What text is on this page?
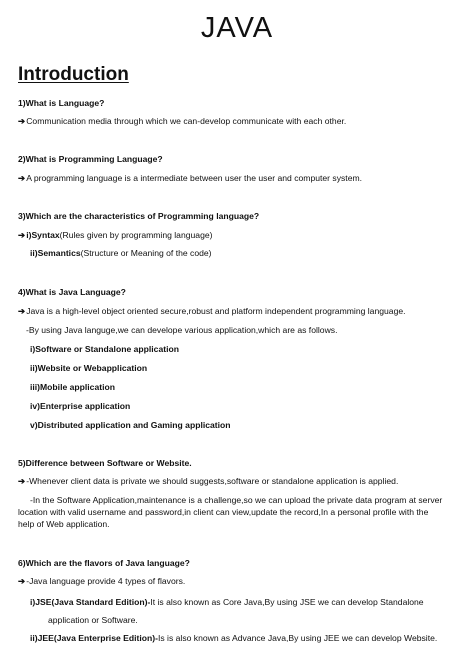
JAVA
Introduction
1)What is Language?
➔Communication media through which we can-develop communicate with each other.
2)What is Programming Language?
➔A programming language is a intermediate between user the user and computer system.
3)Which are the characteristics of Programming language?
➔i)Syntax(Rules given by programming language)
ii)Semantics(Structure or Meaning of the code)
4)What is Java Language?
➔Java is a high-level object oriented secure,robust and platform independent programming language.
-By using Java languge,we can develope various application,which are as follows.
i)Software or Standalone application
ii)Website or Webapplication
iii)Mobile application
iv)Enterprise application
v)Distributed application and Gaming application
5)Difference between Software or Website.
➔-Whenever client data is private we should suggests,software or standalone application is applied.
-In the Software Application,maintenance is a challenge,so we can upload the private data program at server
location with valid username and password,in client can view,update the record,In a personal profile with the
help of Web application.
6)Which are the flavors of Java language?
➔-Java language provide 4 types of flavors.
i)JSE(Java Standard Edition)-It is also known as Core Java,By using JSE we can develop Standalone
application or Software.
ii)JEE(Java Enterprise Edition)-Is is also known as Advance Java,By using JEE we can develop Website.
